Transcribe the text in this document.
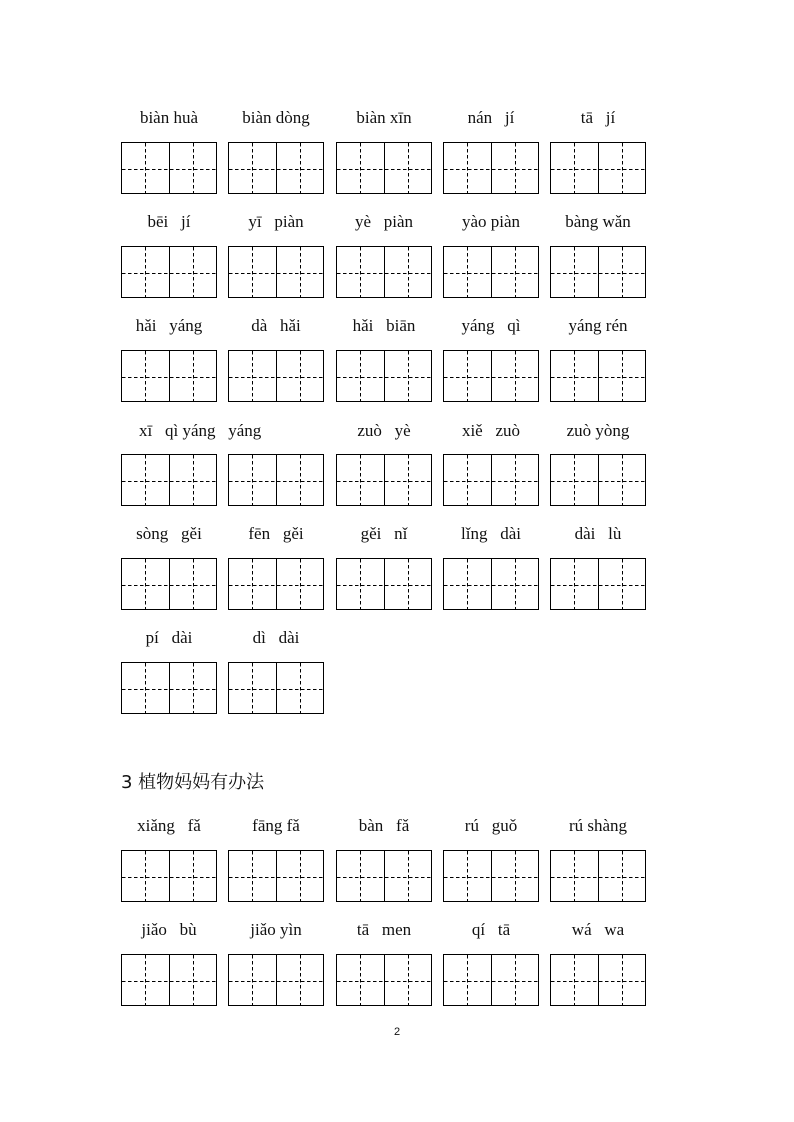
biàn huà	biàn dòng	biàn xīn	nán   jí	tā   jí
bēi   jí	yī   piàn	yè   piàn	yào piàn	bàng wǎn
hǎi   yáng	dà   hǎi	hǎi   biān	yáng   qì	yáng rén
xī   qì yáng   yáng	zuò   yè	xiě   zuò	zuò yòng
sòng   gěi	fēn   gěi	gěi   nǐ	lǐng   dài	dài   lù
pí   dài	dì   dài
3 植物妈妈有办法
xiǎng   fǎ	fāng fǎ	bàn   fǎ	rú   guǒ	rú shàng
jiǎo   bù	jiǎo yìn	tā   men	qí   tā	wá   wa
2
